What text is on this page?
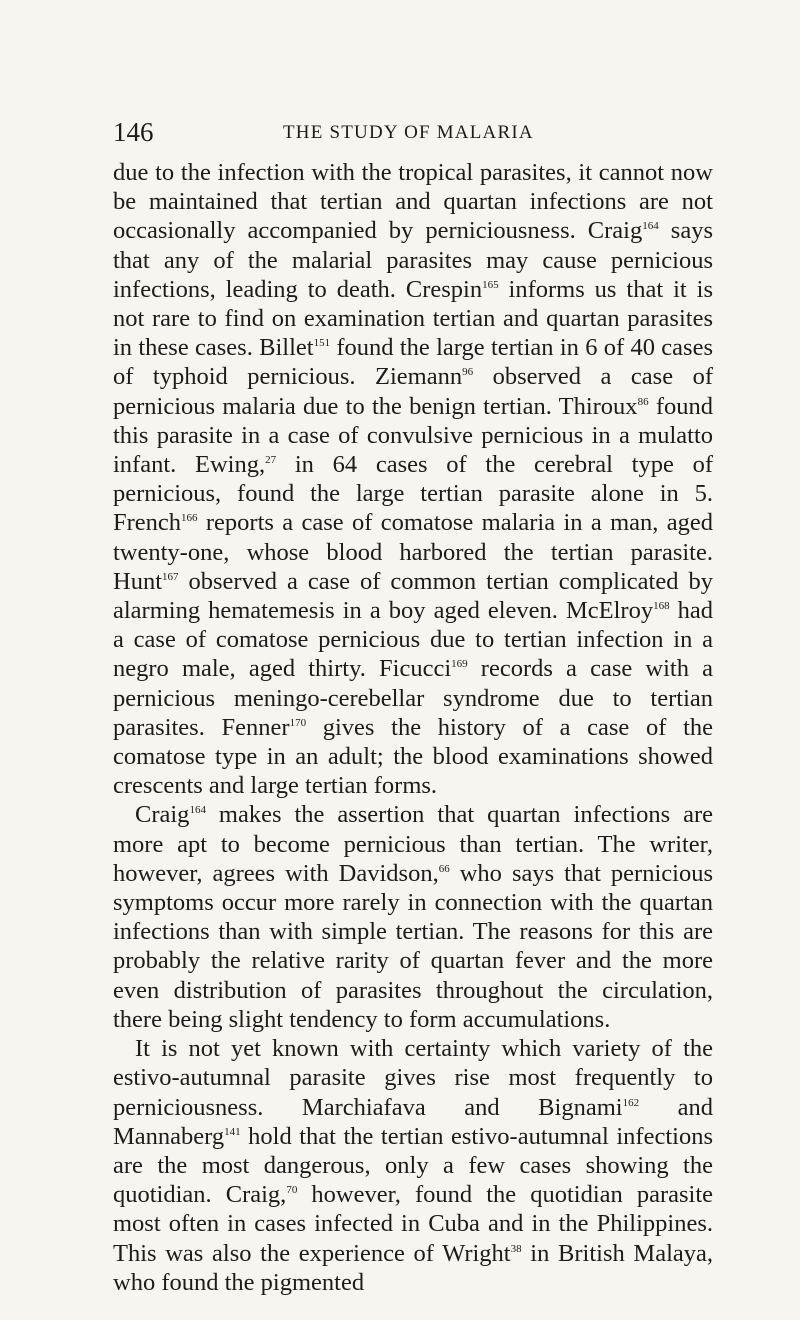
146	THE STUDY OF MALARIA

due to the infection with the tropical parasites, it cannot now be maintained that tertian and quartan infections are not occasionally accompanied by perniciousness. Craig$^{164}$ says that any of the malarial parasites may cause pernicious infections, leading to death. Crespin$^{165}$ informs us that it is not rare to find on examination tertian and quartan parasites in these cases. Billet$^{151}$ found the large tertian in 6 of 40 cases of typhoid pernicious. Ziemann$^{96}$ observed a case of pernicious malaria due to the benign tertian. Thiroux$^{86}$ found this parasite in a case of convulsive pernicious in a mulatto infant. Ewing,$^{27}$ in 64 cases of the cerebral type of pernicious, found the large tertian parasite alone in 5. French$^{166}$ reports a case of comatose malaria in a man, aged twenty-one, whose blood harbored the tertian parasite. Hunt$^{167}$ observed a case of common tertian complicated by alarming hematemesis in a boy aged eleven. McElroy$^{168}$ had a case of comatose pernicious due to tertian infection in a negro male, aged thirty. Ficucci$^{169}$ records a case with a pernicious meningo-cerebellar syndrome due to tertian parasites. Fenner$^{170}$ gives the history of a case of the comatose type in an adult; the blood examinations showed crescents and large tertian forms.

Craig$^{164}$ makes the assertion that quartan infections are more apt to become pernicious than tertian. The writer, however, agrees with Davidson,$^{66}$ who says that pernicious symptoms occur more rarely in connection with the quartan infections than with simple tertian. The reasons for this are probably the relative rarity of quartan fever and the more even distribution of parasites throughout the circulation, there being slight tendency to form accumulations.

It is not yet known with certainty which variety of the estivo-autumnal parasite gives rise most frequently to perniciousness. Marchiafava and Bignami$^{162}$ and Mannaberg$^{141}$ hold that the tertian estivo-autumnal infections are the most dangerous, only a few cases showing the quotidian. Craig,$^{70}$ however, found the quotidian parasite most often in cases infected in Cuba and in the Philippines. This was also the experience of Wright$^{38}$ in British Malaya, who found the pigmented
